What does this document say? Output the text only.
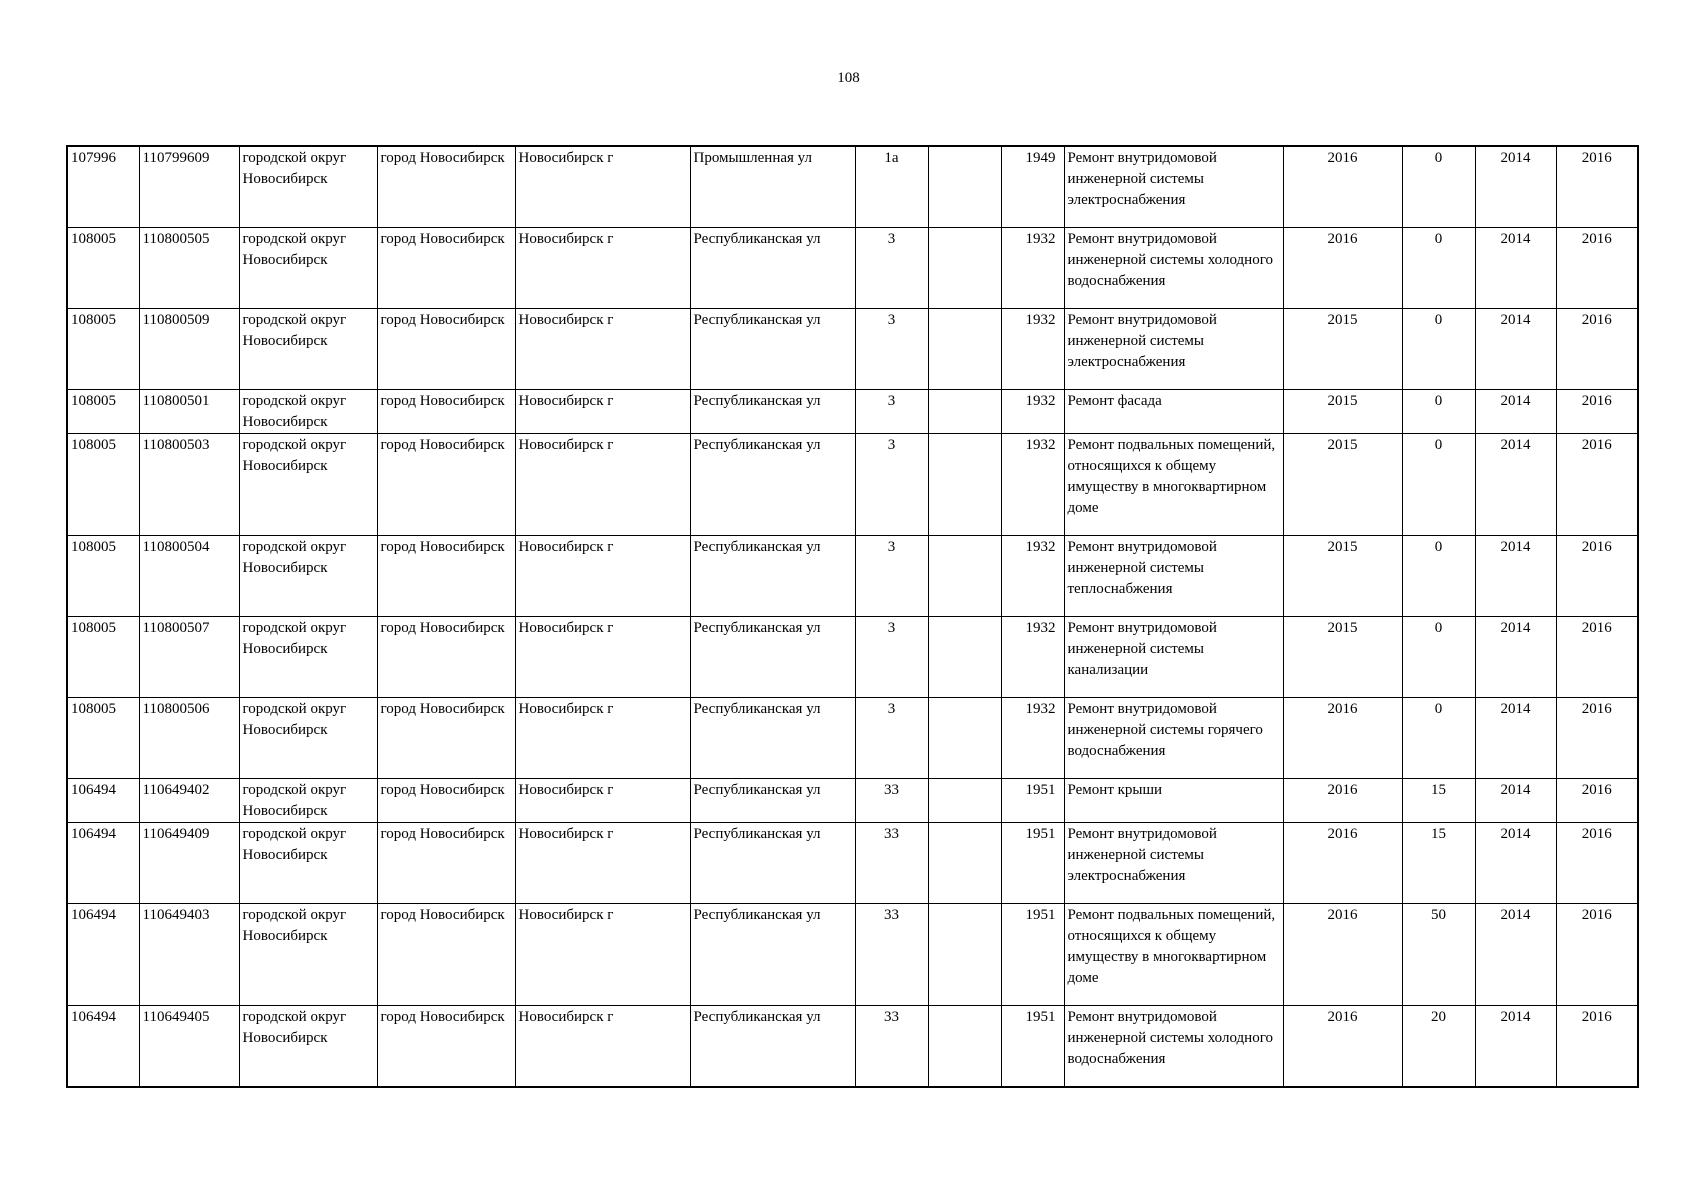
108
107996	110799609	городской округ Новосибирск	город Новосибирск	Новосибирск г	Промышленная ул	1а		1949	Ремонт внутридомовой инженерной системы электроснабжения	2016	0	2014	2016
108005	110800505	городской округ Новосибирск	город Новосибирск	Новосибирск г	Республиканская ул	3		1932	Ремонт внутридомовой инженерной системы холодного водоснабжения	2016	0	2014	2016
108005	110800509	городской округ Новосибирск	город Новосибирск	Новосибирск г	Республиканская ул	3		1932	Ремонт внутридомовой инженерной системы электроснабжения	2015	0	2014	2016
108005	110800501	городской округ Новосибирск	город Новосибирск	Новосибирск г	Республиканская ул	3		1932	Ремонт фасада	2015	0	2014	2016
108005	110800503	городской округ Новосибирск	город Новосибирск	Новосибирск г	Республиканская ул	3		1932	Ремонт подвальных помещений, относящихся к общему имуществу в многоквартирном доме	2015	0	2014	2016
108005	110800504	городской округ Новосибирск	город Новосибирск	Новосибирск г	Республиканская ул	3		1932	Ремонт внутридомовой инженерной системы теплоснабжения	2015	0	2014	2016
108005	110800507	городской округ Новосибирск	город Новосибирск	Новосибирск г	Республиканская ул	3		1932	Ремонт внутридомовой инженерной системы канализации	2015	0	2014	2016
108005	110800506	городской округ Новосибирск	город Новосибирск	Новосибирск г	Республиканская ул	3		1932	Ремонт внутридомовой инженерной системы горячего водоснабжения	2016	0	2014	2016
106494	110649402	городской округ Новосибирск	город Новосибирск	Новосибирск г	Республиканская ул	33		1951	Ремонт крыши	2016	15	2014	2016
106494	110649409	городской округ Новосибирск	город Новосибирск	Новосибирск г	Республиканская ул	33		1951	Ремонт внутридомовой инженерной системы электроснабжения	2016	15	2014	2016
106494	110649403	городской округ Новосибирск	город Новосибирск	Новосибирск г	Республиканская ул	33		1951	Ремонт подвальных помещений, относящихся к общему имуществу в многоквартирном доме	2016	50	2014	2016
106494	110649405	городской округ Новосибирск	город Новосибирск	Новосибирск г	Республиканская ул	33		1951	Ремонт внутридомовой инженерной системы холодного водоснабжения	2016	20	2014	2016
